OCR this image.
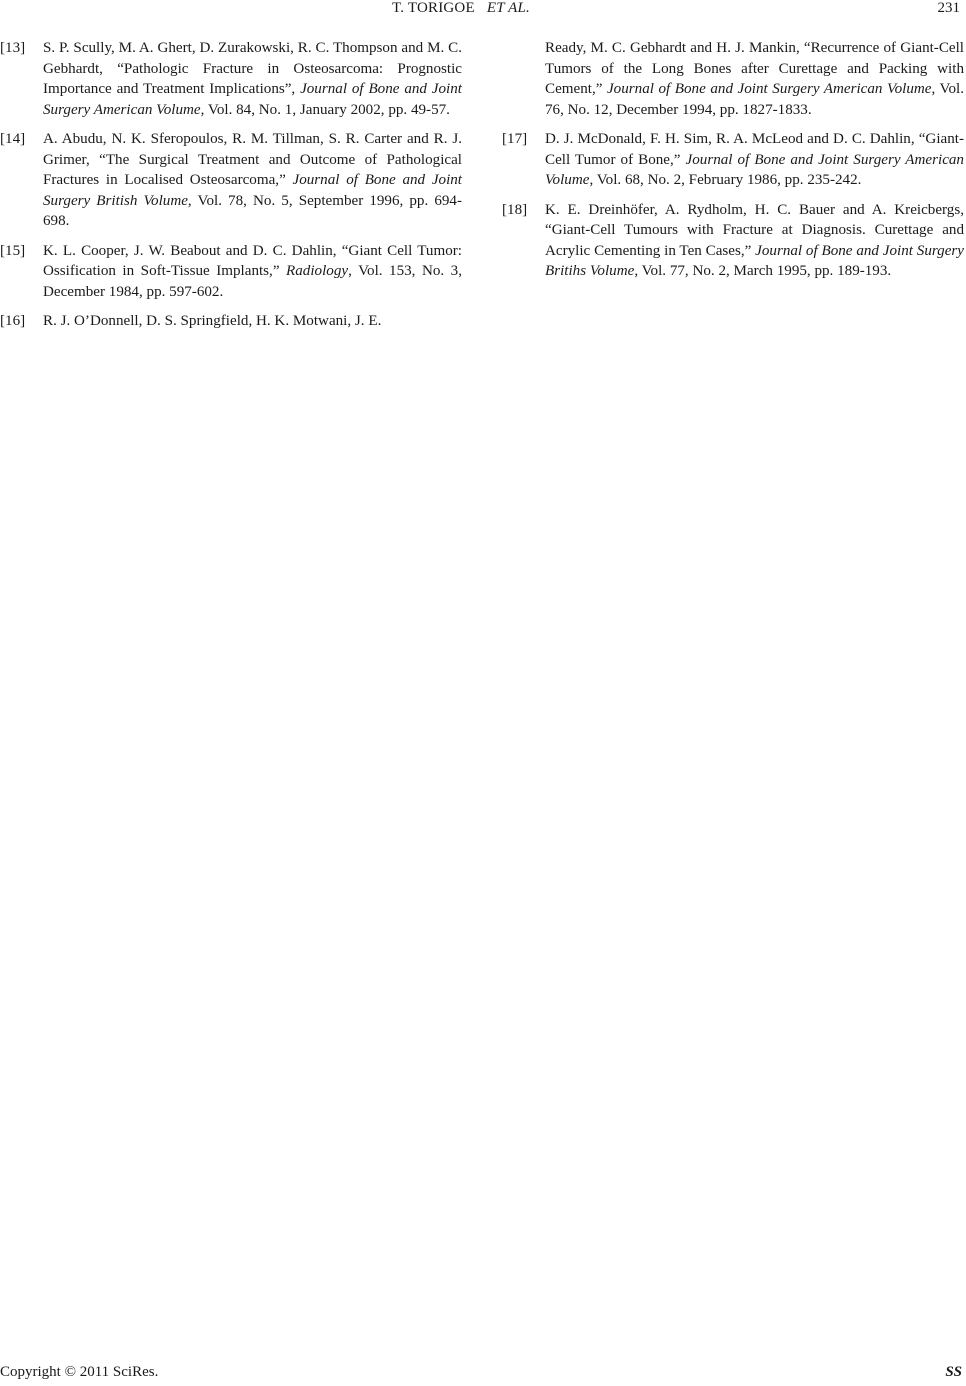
T. TORIGOE ET AL.	231
[13] S. P. Scully, M. A. Ghert, D. Zurakowski, R. C. Thompson and M. C. Gebhardt, “Pathologic Fracture in Osteosarcoma: Prognostic Importance and Treatment Implications”, Journal of Bone and Joint Surgery American Volume, Vol. 84, No. 1, January 2002, pp. 49-57.
[14] A. Abudu, N. K. Sferopoulos, R. M. Tillman, S. R. Carter and R. J. Grimer, “The Surgical Treatment and Outcome of Pathological Fractures in Localised Osteosarcoma,” Journal of Bone and Joint Surgery British Volume, Vol. 78, No. 5, September 1996, pp. 694-698.
[15] K. L. Cooper, J. W. Beabout and D. C. Dahlin, “Giant Cell Tumor: Ossification in Soft-Tissue Implants,” Radiology, Vol. 153, No. 3, December 1984, pp. 597-602.
[16] R. J. O’Donnell, D. S. Springfield, H. K. Motwani, J. E.
Ready, M. C. Gebhardt and H. J. Mankin, “Recurrence of Giant-Cell Tumors of the Long Bones after Curettage and Packing with Cement,” Journal of Bone and Joint Surgery American Volume, Vol. 76, No. 12, December 1994, pp. 1827-1833.
[17] D. J. McDonald, F. H. Sim, R. A. McLeod and D. C. Dahlin, “Giant-Cell Tumor of Bone,” Journal of Bone and Joint Surgery American Volume, Vol. 68, No. 2, February 1986, pp. 235-242.
[18] K. E. Dreinhöfer, A. Rydholm, H. C. Bauer and A. Kreicbergs, “Giant-Cell Tumours with Fracture at Diagnosis. Curettage and Acrylic Cementing in Ten Cases,” Journal of Bone and Joint Surgery Britihs Volume, Vol. 77, No. 2, March 1995, pp. 189-193.
Copyright © 2011 SciRes.	SS
